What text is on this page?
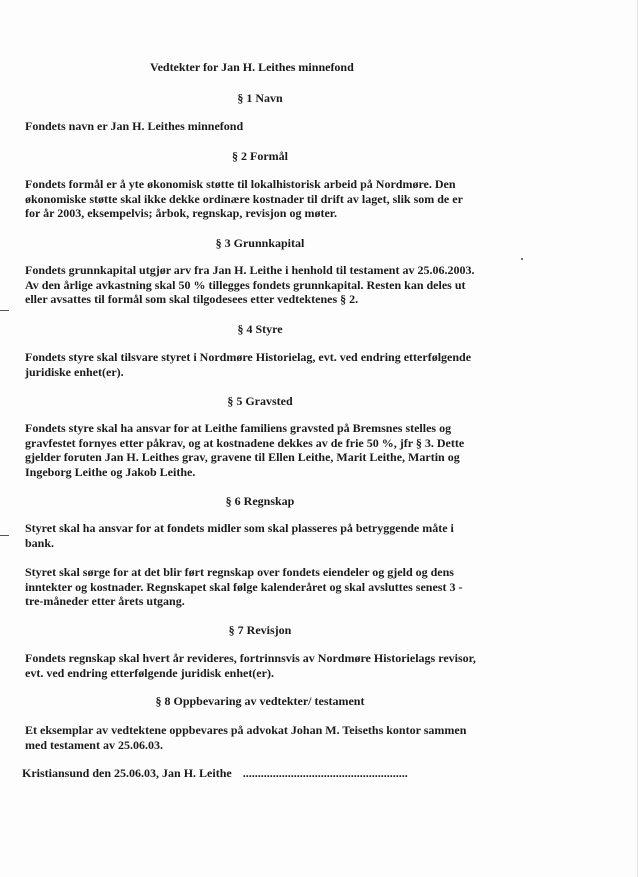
Vedtekter for Jan H. Leithes minnefond
§ 1 Navn
Fondets navn er Jan H. Leithes minnefond
§ 2 Formål
Fondets formål er å yte økonomisk støtte til lokalhistorisk arbeid på Nordmøre. Den
økonomiske støtte skal ikke dekke ordinære kostnader til drift av laget, slik som de er
for år 2003, eksempelvis; årbok, regnskap, revisjon og møter.
§ 3 Grunnkapital
Fondets grunnkapital utgjør arv fra Jan H. Leithe i henhold til testament av 25.06.2003.
Av den årlige avkastning skal 50 % tillegges fondets grunnkapital. Resten kan deles ut
eller avsattes til formål som skal tilgodesees etter vedtektenes § 2.
§ 4 Styre
Fondets styre skal tilsvare styret i Nordmøre Historielag, evt. ved endring etterfølgende
juridiske enhet(er).
§ 5 Gravsted
Fondets styre skal ha ansvar for at Leithe familiens gravsted på Bremsnes stelles og
gravfestet fornyes etter påkrav, og at kostnadene dekkes av de frie 50 %, jfr § 3. Dette
gjelder foruten Jan H. Leithes grav, gravene til Ellen Leithe, Marit Leithe, Martin og
Ingeborg Leithe og Jakob Leithe.
§ 6 Regnskap
Styret skal ha ansvar for at fondets midler som skal plasseres på betryggende måte i
bank.
Styret skal sørge for at det blir ført regnskap over fondets eiendeler og gjeld og dens
inntekter og kostnader. Regnskapet skal følge kalenderåret og skal avsluttes senest 3 -
tre-måneder etter årets utgang.
§ 7 Revisjon
Fondets regnskap skal hvert år revideres, fortrinnsvis av Nordmøre Historielags revisor,
evt. ved endring etterfølgende juridisk enhet(er).
§ 8 Oppbevaring av vedtekter/ testament
Et eksemplar av vedtektene oppbevares på advokat Johan M. Teiseths kontor sammen
med testament av 25.06.03.
Kristiansund den 25.06.03, Jan H. Leithe .......................................................
